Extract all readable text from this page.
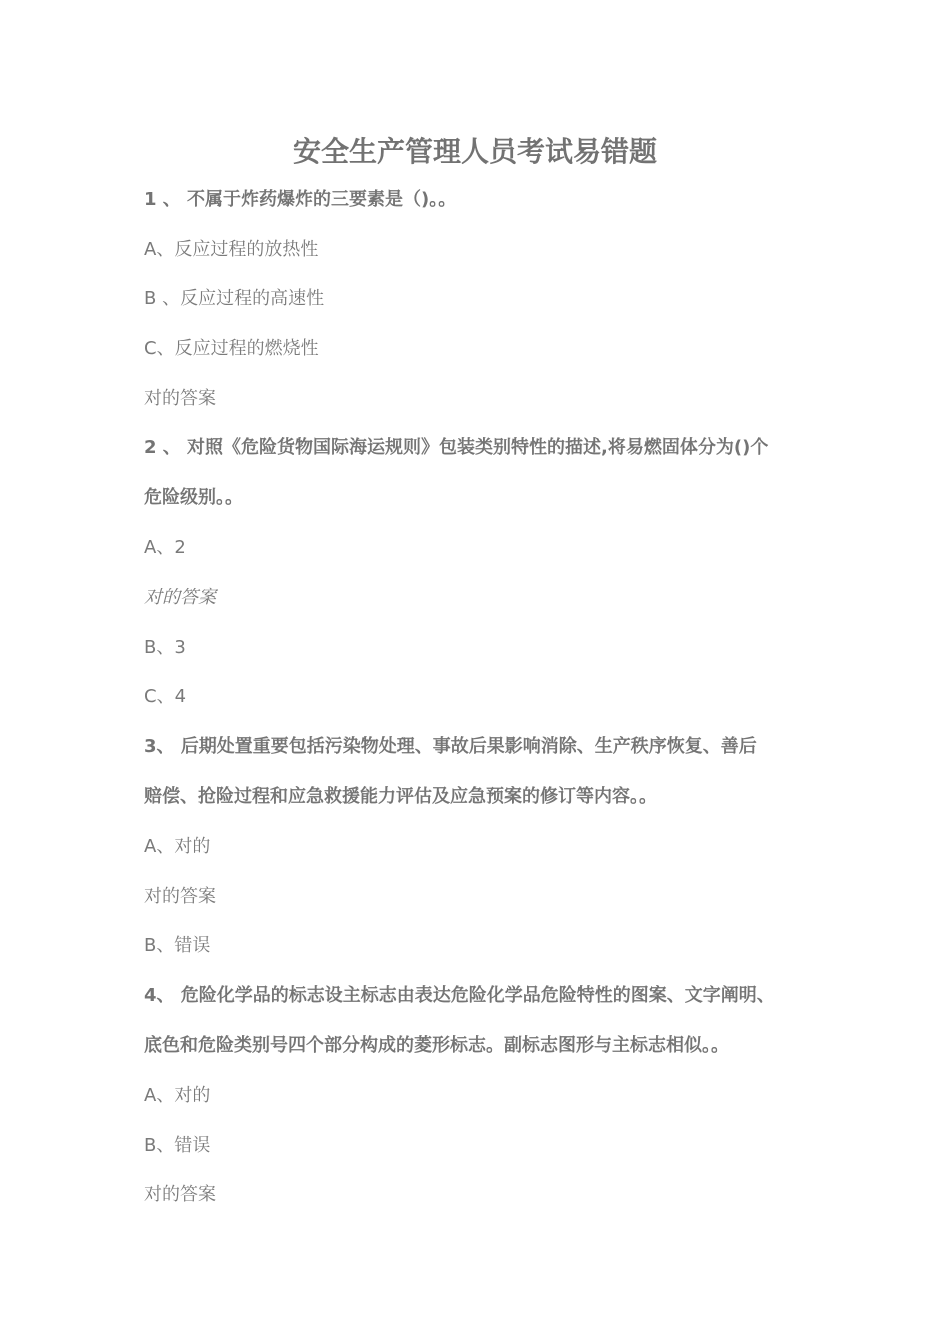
安全生产管理人员考试易错题
1 、 不属于炸药爆炸的三要素是（)。。
A、反应过程的放热性
B 、反应过程的高速性
C、反应过程的燃烧性
对的答案
2 、 对照《危险货物国际海运规则》包装类别特性的描述,将易燃固体分为()个
危险级别。。
A、2
对的答案
B、3
C、4
3、 后期处置重要包括污染物处理、事故后果影响消除、生产秩序恢复、善后
赔偿、抢险过程和应急救援能力评估及应急预案的修订等内容。。
A、对的
对的答案
B、错误
4、 危险化学品的标志设主标志由表达危险化学品危险特性的图案、文字阐明、
底色和危险类别号四个部分构成的菱形标志。副标志图形与主标志相似。。
A、对的
B、错误
对的答案
